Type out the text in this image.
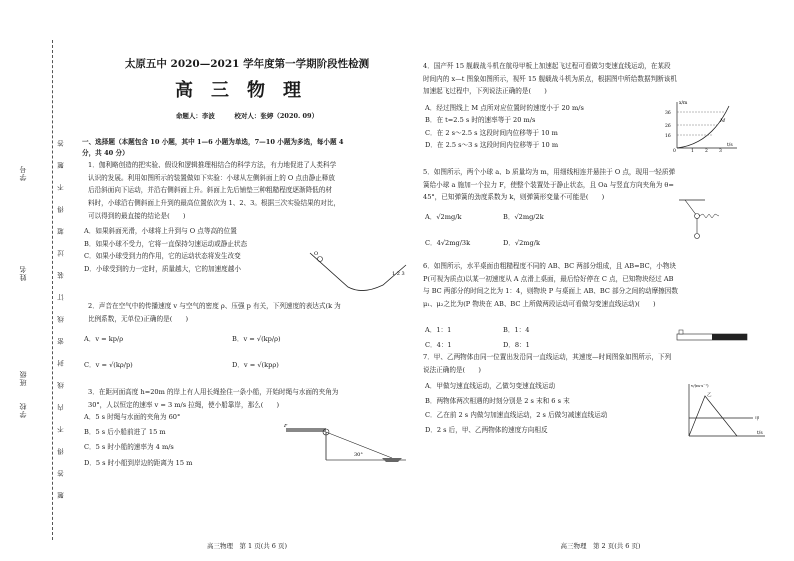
学号
姓名
学校　　班级
答
题
不
得
超
过
装
订
线
密
封
线
内
不
得
答
题
太原五中 2020—2021 学年度第一学期阶段性检测
高三物理
命题人：李波　　　校对人：张婷（2020. 09）
一、选择题（本题包含 10 小题，其中 1—6 小题为单选，7—10 小题为多选，每小题 4
分，共 40 分）
1．伽利略创造的把实验、假设和逻辑推理相结合的科学方法，有力地促进了人类科学
认识的发展。利用如图所示的装置做如下实验：小球从左侧斜面上的 O 点由静止释放
后沿斜面向下运动，并沿右侧斜面上升。斜面上先后铺垫三种粗糙程度逐渐降低的材
料时，小球沿右侧斜面上升到的最高位置依次为 1、2、3。根据三次实验结果的对比，
可以得到的最直接的结论是(　　)
A．如果斜面光滑，小球将上升到与 O 点等高的位置
B．如果小球不受力，它将一直保持匀速运动或静止状态
C．如果小球受到力的作用，它的运动状态将发生改变
D．小球受到的力一定时，质量越大，它的加速度越小
O
1 2 3
2．声音在空气中的传播速度 v 与空气的密度 ρ、压强 p 有关，下列速度的表达式(k 为
比例系数，无单位)正确的是(　　)
A．v = kp/ρ	B．v = √(kp/ρ)
C．v = √(kρ/p)	D．v = √(kpρ)
3．在距河面高度 h=20m 的岸上有人用长绳拴住一条小船，开始时绳与水面的夹角为
30°，人以恒定的速率 v = 3 m/s 拉绳，使小船靠岸，那么(　　)
A．5 s 时绳与水面的夹角为 60°
B．5 s 后小船前进了 15 m
C．5 s 时小船的速率为 4 m/s
D．5 s 时小船到岸边的距离为 15 m
F
30°
高三物理　第 1 页(共 6 页)
4．国产歼 15 舰载战斗机在航母甲板上加速起飞过程可看做匀变速直线运动，在某段
时间内的 x—t 图象如图所示，视歼 15 舰载战斗机为质点，根据图中所给数据判断该机
加速起飞过程中，下列说法正确的是(　　)
A．经过图线上 M 点所对应位置时的速度小于 20 m/s
B．在 t=2.5 s 时的速率等于 20 m/s
C．在 2 s～2.5 s 这段时间内位移等于 10 m
D．在 2.5 s～3 s 这段时间内位移等于 10 m
x/m
t/s
36
26
16
0	1 2 3
M
5．如图所示，两个小球 a、b 质量均为 m，用细线相连并悬挂于 O 点，现用一轻质弹
簧给小球 a 施加一个拉力 F，使整个装置处于静止状态，且 Oa 与竖直方向夹角为 θ=
45°，已知弹簧的劲度系数为 k，则弹簧形变量不可能是(　　)
A．√2mg/k	B．√2mg/2k
C．4√2mg/3k	D．√2mg/k
6．如图所示，水平桌面由粗糙程度不同的 AB、BC 两部分组成，且 AB=BC，小物块
P(可视为质点)以某一初速度从 A 点滑上桌面，最后恰好停在 C 点，已知物块经过 AB
与 BC 两部分的时间之比为 1：4，则物块 P 与桌面上 AB、BC 部分之间的动摩擦因数
μ₁、μ₂之比为(P 物块在 AB、BC 上所做两段运动可看做匀变速直线运动)(　　)
A．1：1	B．1：4
C．4：1	D．8：1
7．甲、乙两物体由同一位置出发沿同一直线运动，其速度—时间图象如图所示，下列
说法正确的是(　　)
A．甲做匀速直线运动，乙做匀变速直线运动
B．两物体两次相遇的时刻分别是 2 s 末和 6 s 末
C．乙在前 2 s 内做匀加速直线运动，2 s 后做匀减速直线运动
D．2 s 后，甲、乙两物体的速度方向相反
v/(m·s⁻¹)
t/s
甲
乙
高三物理　第 2 页(共 6 页)
